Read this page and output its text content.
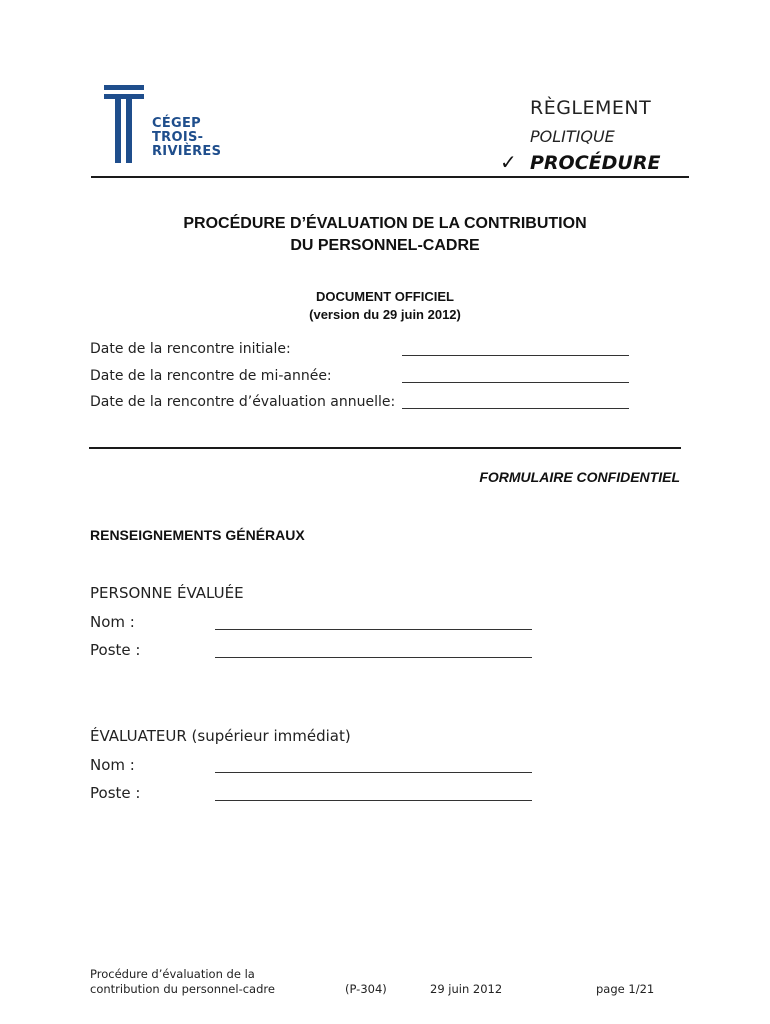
CÉGEP
TROIS-
RIVIÈRES
RÈGLEMENT
POLITIQUE
✓ PROCÉDURE
PROCÉDURE D’ÉVALUATION DE LA CONTRIBUTION
DU PERSONNEL-CADRE
DOCUMENT OFFICIEL
(version du 29 juin 2012)
Date de la rencontre initiale:
Date de la rencontre de mi-année:
Date de la rencontre d’évaluation annuelle:
FORMULAIRE CONFIDENTIEL
RENSEIGNEMENTS GÉNÉRAUX
PERSONNE ÉVALUÉE
Nom :
Poste :
ÉVALUATEUR (supérieur immédiat)
Nom :
Poste :
Procédure d’évaluation de la
contribution du personnel-cadre	(P-304)	29 juin 2012	page 1/21
